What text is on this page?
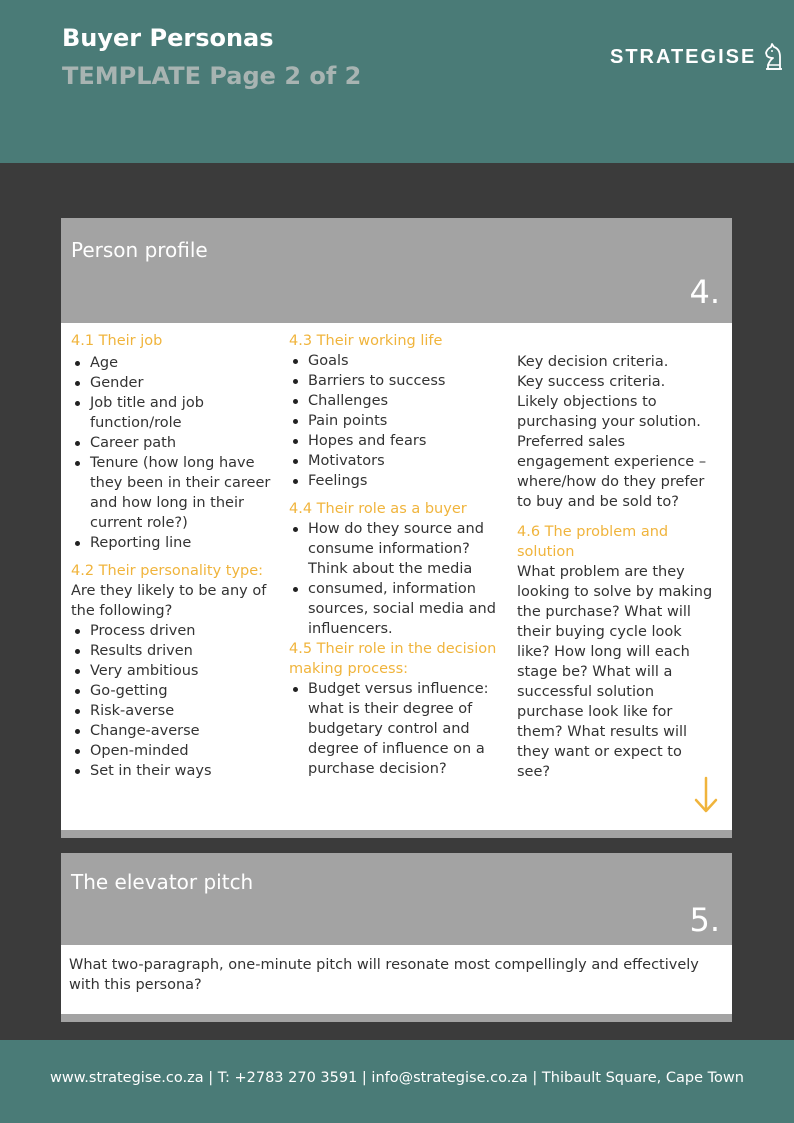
Buyer Personas
TEMPLATE Page 2 of 2
STRATEGISE
Person profile
4.
4.1 Their job
Age
Gender
Job title and job function/role
Career path
Tenure (how long have they been in their career and how long in their current role?)
Reporting line
4.2 Their personality type:

Are they likely to be any of the following?

Process driven
Results driven
Very ambitious
Go-getting
Risk-averse
Change-averse
Open-minded
Set in their ways
4.3 Their working life
Goals
Barriers to success
Challenges
Pain points
Hopes and fears
Motivators
Feelings
4.4 Their role as a buyer
How do they source and consume information? Think about the media
consumed, information sources, social media and influencers.
4.5 Their role in the decision making process:
Budget versus influence: what is their degree of budgetary control and degree of influence on a purchase decision?

Key decision criteria.

Key success criteria.

Likely objections to purchasing your solution.

Preferred sales engagement experience – where/how do they prefer to buy and be sold to?

4.6 The problem and solution

What problem are they looking to solve by making the purchase? What will their buying cycle look like? How long will each stage be? What will a successful solution purchase look like for them? What results will they want or expect to see?

The elevator pitch
5.
What two-paragraph, one-minute pitch will resonate most compellingly and effectively with this persona?
www.strategise.co.za | T: +2783 270 3591 | info@strategise.co.za | Thibault Square, Cape Town
